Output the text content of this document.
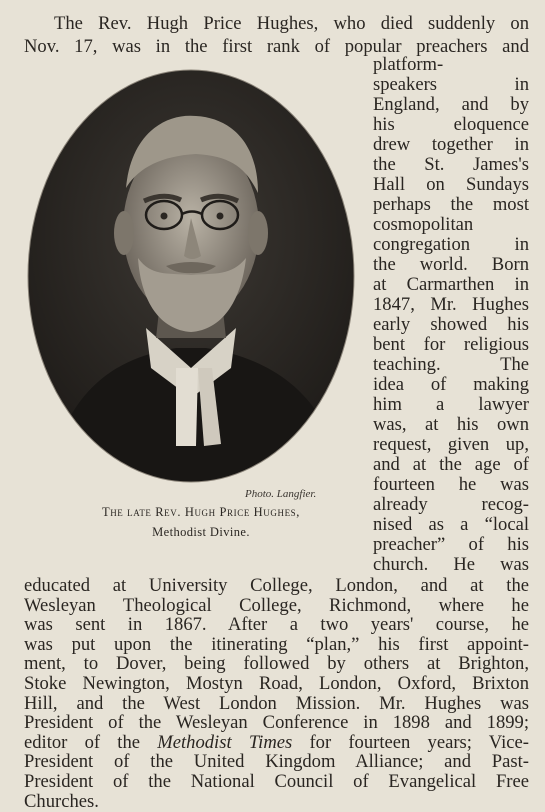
The Rev. Hugh Price Hughes, who died suddenly on
Nov. 17, was in the first rank of popular preachers and
platform-
speakers in
England, and by
his eloquence
drew together in
the St. James's
Hall on Sundays
perhaps the most
cosmopolitan
congregation in
the world. Born
at Carmarthen in
1847, Mr. Hughes
early showed his
bent for religious
teaching. The
idea of making
him a lawyer
was, at his own
request, given up,
and at the age of
fourteen he was
already recog-
nised as a “local
preacher” of his
church. He was
Photo. Langfier.
The late Rev. Hugh Price Hughes,
Methodist Divine.
educated at University College, London, and at the
Wesleyan Theological College, Richmond, where he
was sent in 1867. After a two years' course, he
was put upon the itinerating “plan,” his first appoint-
ment, to Dover, being followed by others at Brighton,
Stoke Newington, Mostyn Road, London, Oxford, Brixton
Hill, and the West London Mission. Mr. Hughes was
President of the Wesleyan Conference in 1898 and 1899;
editor of the Methodist Times for fourteen years; Vice-
President of the United Kingdom Alliance; and Past-
President of the National Council of Evangelical Free
Churches.
